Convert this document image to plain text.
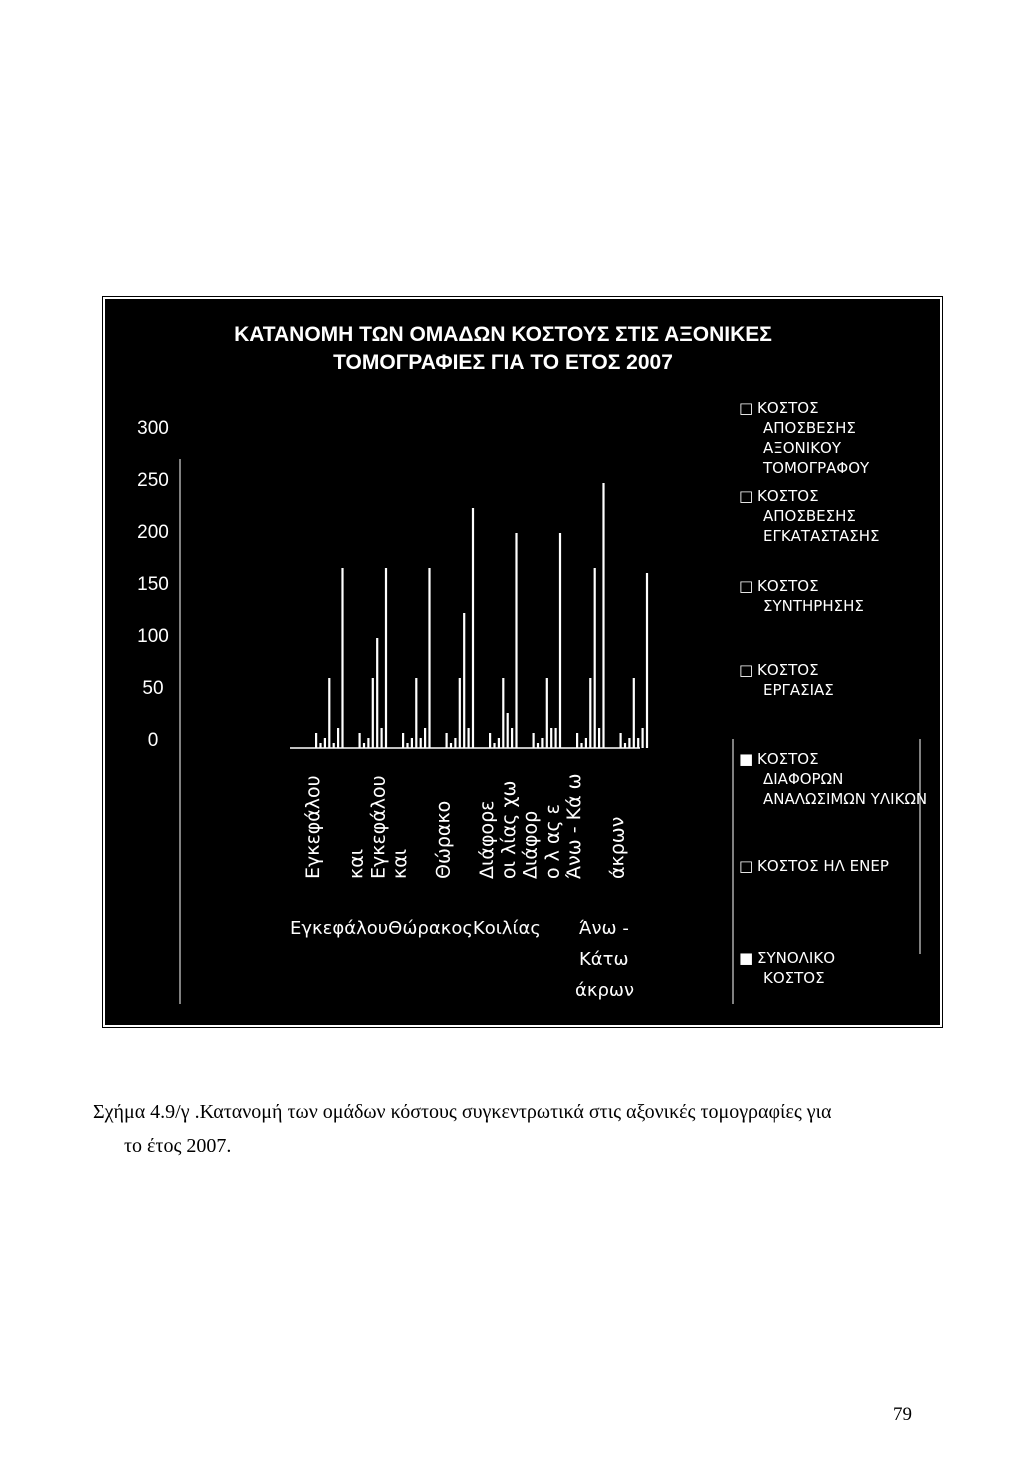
ΚΑΤΑΝΟΜΗ ΤΩΝ ΟΜΑΔΩΝ ΚΟΣΤΟΥΣ ΣΤΙΣ ΑΞΟΝΙΚΕΣ
ΤΟΜΟΓΡΑΦΙΕΣ ΓΙΑ ΤΟ ΕΤΟΣ 2007
300
250
200
150
100
50
0
Εγκεφάλου και Εγκεφάλου και Θώρακο Διάφορε οι λίας χω Διάφορ ο λ ας ε Άνω - Κά ω άκρων
ΕγκεφάλουΘώρακοςΚοιλίας Άνω -
Κάτω
άκρων
□ ΚΟΣΤΟΣ
ΑΠΟΣΒΕΣΗΣ
ΑΞΟΝΙΚΟΥ
ΤΟΜΟΓΡΑΦΟΥ
□ ΚΟΣΤΟΣ
ΑΠΟΣΒΕΣΗΣ
ΕΓΚΑΤΑΣΤΑΣΗΣ
□ ΚΟΣΤΟΣ
ΣΥΝΤΗΡΗΣΗΣ
□ ΚΟΣΤΟΣ
ΕΡΓΑΣΙΑΣ
■ ΚΟΣΤΟΣ
ΔΙΑΦΟΡΩΝ
ΑΝΑΛΩΣΙΜΩΝ ΥΛΙΚΩΝ
□ ΚΟΣΤΟΣ ΗΛ ΕΝΕΡ
■ ΣΥΝΟΛΙΚΟ
ΚΟΣΤΟΣ
Σχήμα 4.9/γ .Κατανομή των ομάδων κόστους συγκεντρωτικά στις αξονικές τομογραφίες για
το έτος 2007.
79
